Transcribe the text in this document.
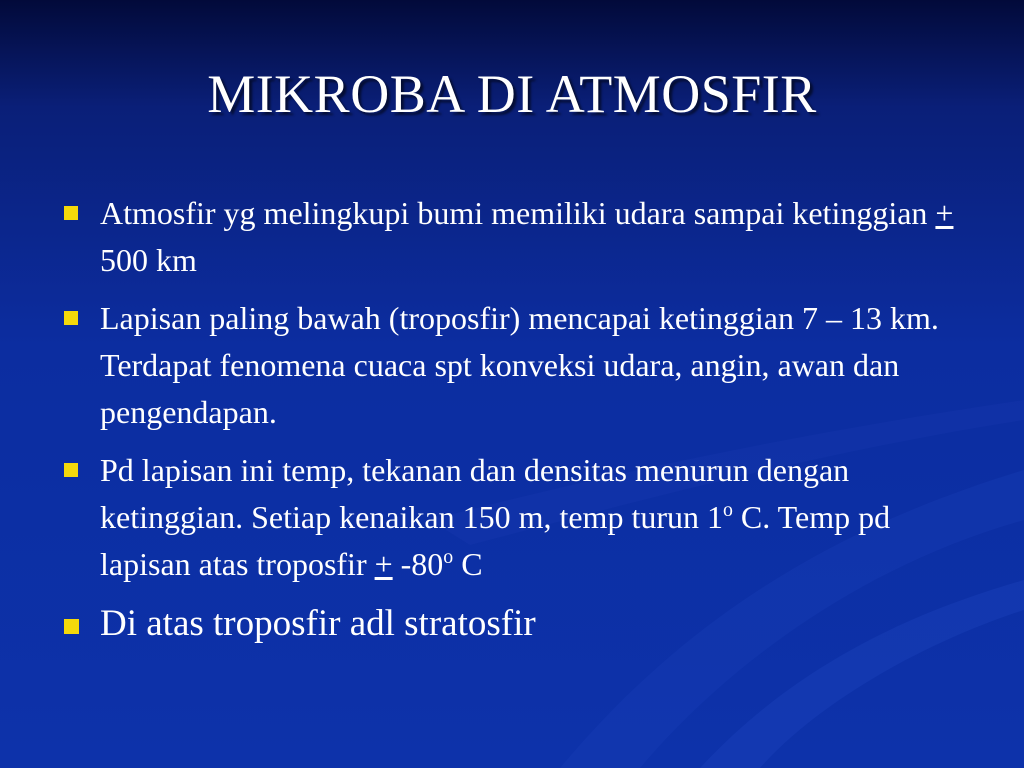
MIKROBA DI ATMOSFIR
Atmosfir yg melingkupi bumi memiliki udara sampai ketinggian + 500 km
Lapisan paling bawah (troposfir) mencapai ketinggian 7 – 13 km. Terdapat fenomena cuaca spt konveksi udara, angin, awan dan pengendapan.
Pd lapisan ini temp, tekanan dan densitas menurun dengan ketinggian. Setiap kenaikan 150 m, temp turun 1$^o$ C. Temp pd lapisan atas troposfir + $-80^o$ C
Di atas troposfir adl stratosfir
